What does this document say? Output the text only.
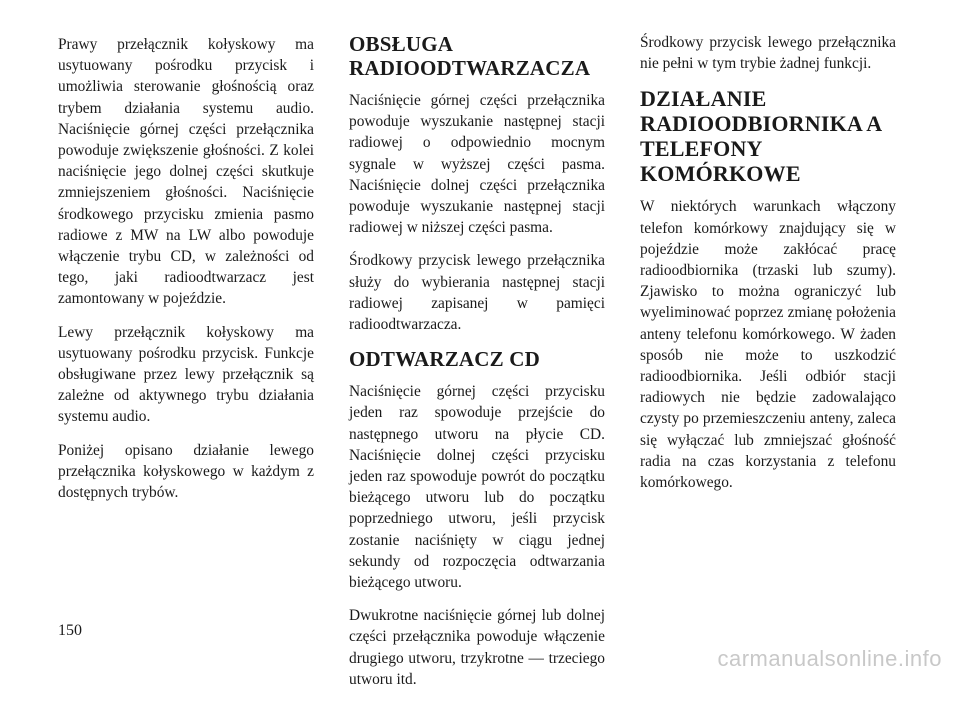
Prawy przełącznik kołyskowy ma usytuowany pośrodku przycisk i umożliwia sterowanie głośnością oraz trybem działania systemu audio. Naciśnięcie górnej części przełącznika powoduje zwiększenie głośności. Z kolei naciśnięcie jego dolnej części skutkuje zmniejszeniem głośności. Naciśnięcie środkowego przycisku zmienia pasmo radiowe z MW na LW albo powoduje włączenie trybu CD, w zależności od tego, jaki radioodtwarzacz jest zamontowany w pojeździe.

Lewy przełącznik kołyskowy ma usytuowany pośrodku przycisk. Funkcje obsługiwane przez lewy przełącznik są zależne od aktywnego trybu działania systemu audio.

Poniżej opisano działanie lewego przełącznika kołyskowego w każdym z dostępnych trybów.

OBSŁUGA RADIOODTWARZACZA

Naciśnięcie górnej części przełącznika powoduje wyszukanie następnej stacji radiowej o odpowiednio mocnym sygnale w wyższej części pasma. Naciśnięcie dolnej części przełącznika powoduje wyszukanie następnej stacji radiowej w niższej części pasma.

Środkowy przycisk lewego przełącznika służy do wybierania następnej stacji radiowej zapisanej w pamięci radioodtwarzacza.

ODTWARZACZ CD

Naciśnięcie górnej części przycisku jeden raz spowoduje przejście do następnego utworu na płycie CD. Naciśnięcie dolnej części przycisku jeden raz spowoduje powrót do początku bieżącego utworu lub do początku poprzedniego utworu, jeśli przycisk zostanie naciśnięty w ciągu jednej sekundy od rozpoczęcia odtwarzania bieżącego utworu.

Dwukrotne naciśnięcie górnej lub dolnej części przełącznika powoduje włączenie drugiego utworu, trzykrotne — trzeciego utworu itd.

Środkowy przycisk lewego przełącznika nie pełni w tym trybie żadnej funkcji.

DZIAŁANIE RADIOODBIORNIKA A TELEFONY KOMÓRKOWE

W niektórych warunkach włączony telefon komórkowy znajdujący się w pojeździe może zakłócać pracę radioodbiornika (trzaski lub szumy). Zjawisko to można ograniczyć lub wyeliminować poprzez zmianę położenia anteny telefonu komórkowego. W żaden sposób nie może to uszkodzić radioodbiornika. Jeśli odbiór stacji radiowych nie będzie zadowalająco czysty po przemieszczeniu anteny, zaleca się wyłączać lub zmniejszać głośność radia na czas korzystania z telefonu komórkowego.

150
carmanualsonline.info
